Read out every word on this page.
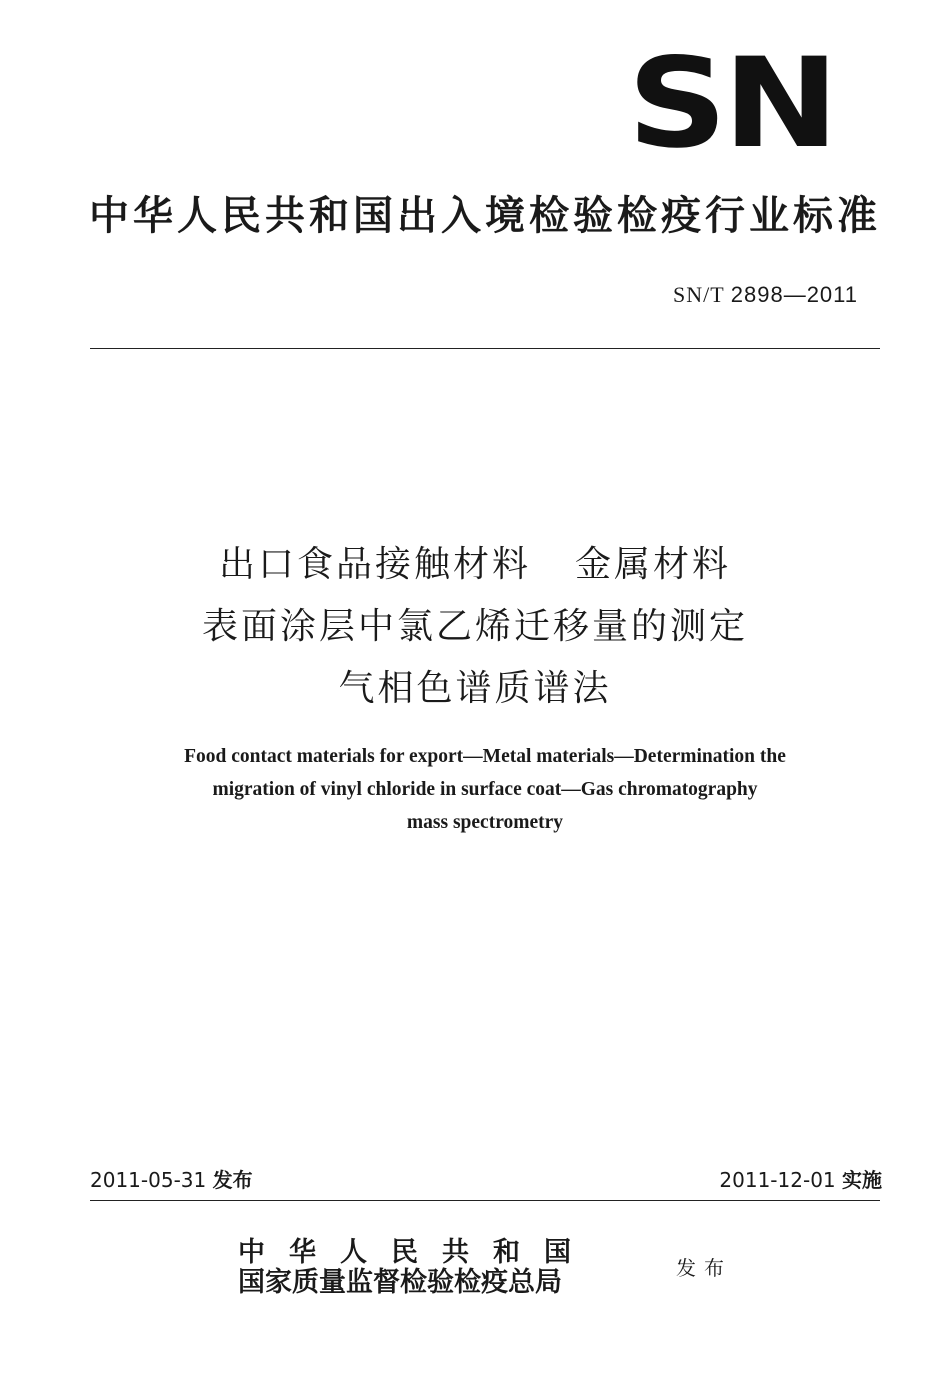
SN
中华人民共和国出入境检验检疫行业标准
SN/T 2898—2011
出口食品接触材料 金属材料
表面涂层中氯乙烯迁移量的测定
气相色谱质谱法
Food contact materials for export—Metal materials—Determination the
migration of vinyl chloride in surface coat—Gas chromatography
mass spectrometry
2011-05-31 发布	2011-12-01 实施
中华人民共和国
国家质量监督检验检疫总局	发布
